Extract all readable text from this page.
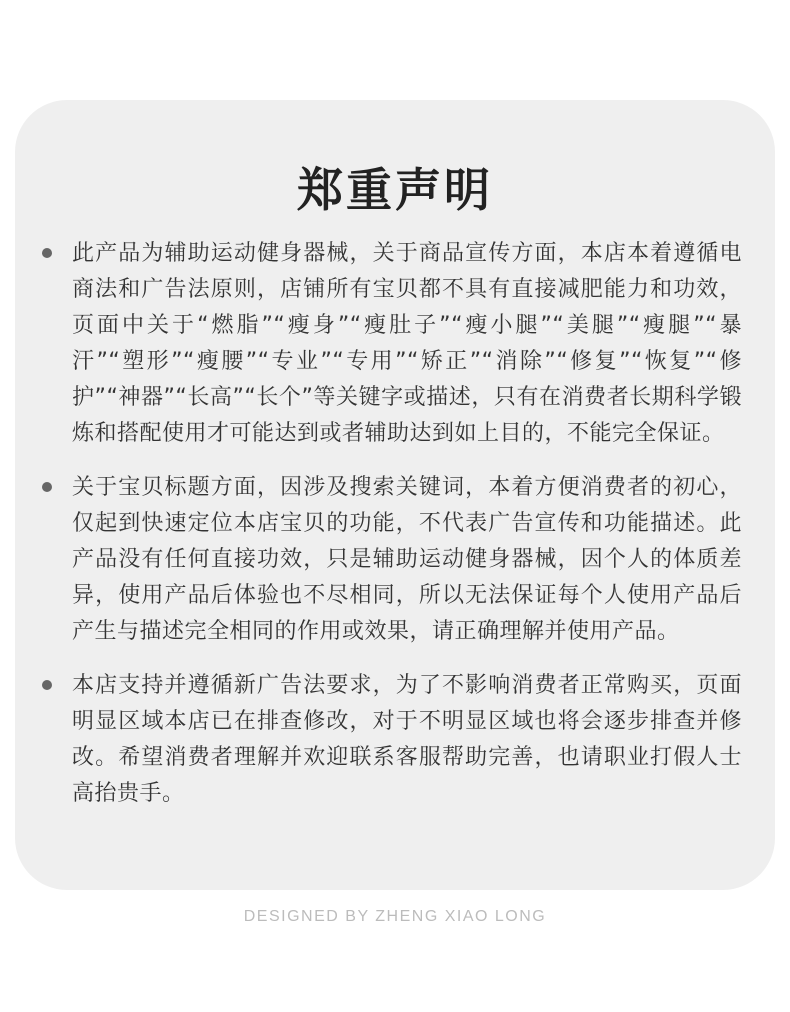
郑重声明
此产品为辅助运动健身器械，关于商品宣传方面，本店本着遵循电商法和广告法原则，店铺所有宝贝都不具有直接减肥能力和功效，页面中关于“燃脂”“瘦身”“瘦肚子”“瘦小腿”“美腿”“瘦腿”“暴汗”“塑形”“瘦腰”“专业”“专用”“矫正”“消除”“修复”“恢复”“修护”“神器”“长高”“长个”等关键字或描述，只有在消费者长期科学锻炼和搭配使用才可能达到或者辅助达到如上目的，不能完全保证。
关于宝贝标题方面，因涉及搜索关键词，本着方便消费者的初心，仅起到快速定位本店宝贝的功能，不代表广告宣传和功能描述。此产品没有任何直接功效，只是辅助运动健身器械，因个人的体质差异，使用产品后体验也不尽相同，所以无法保证每个人使用产品后产生与描述完全相同的作用或效果，请正确理解并使用产品。
本店支持并遵循新广告法要求，为了不影响消费者正常购买，页面明显区域本店已在排查修改，对于不明显区域也将会逐步排查并修改。希望消费者理解并欢迎联系客服帮助完善，也请职业打假人士高抬贵手。
DESIGNED BY ZHENG XIAO LONG
